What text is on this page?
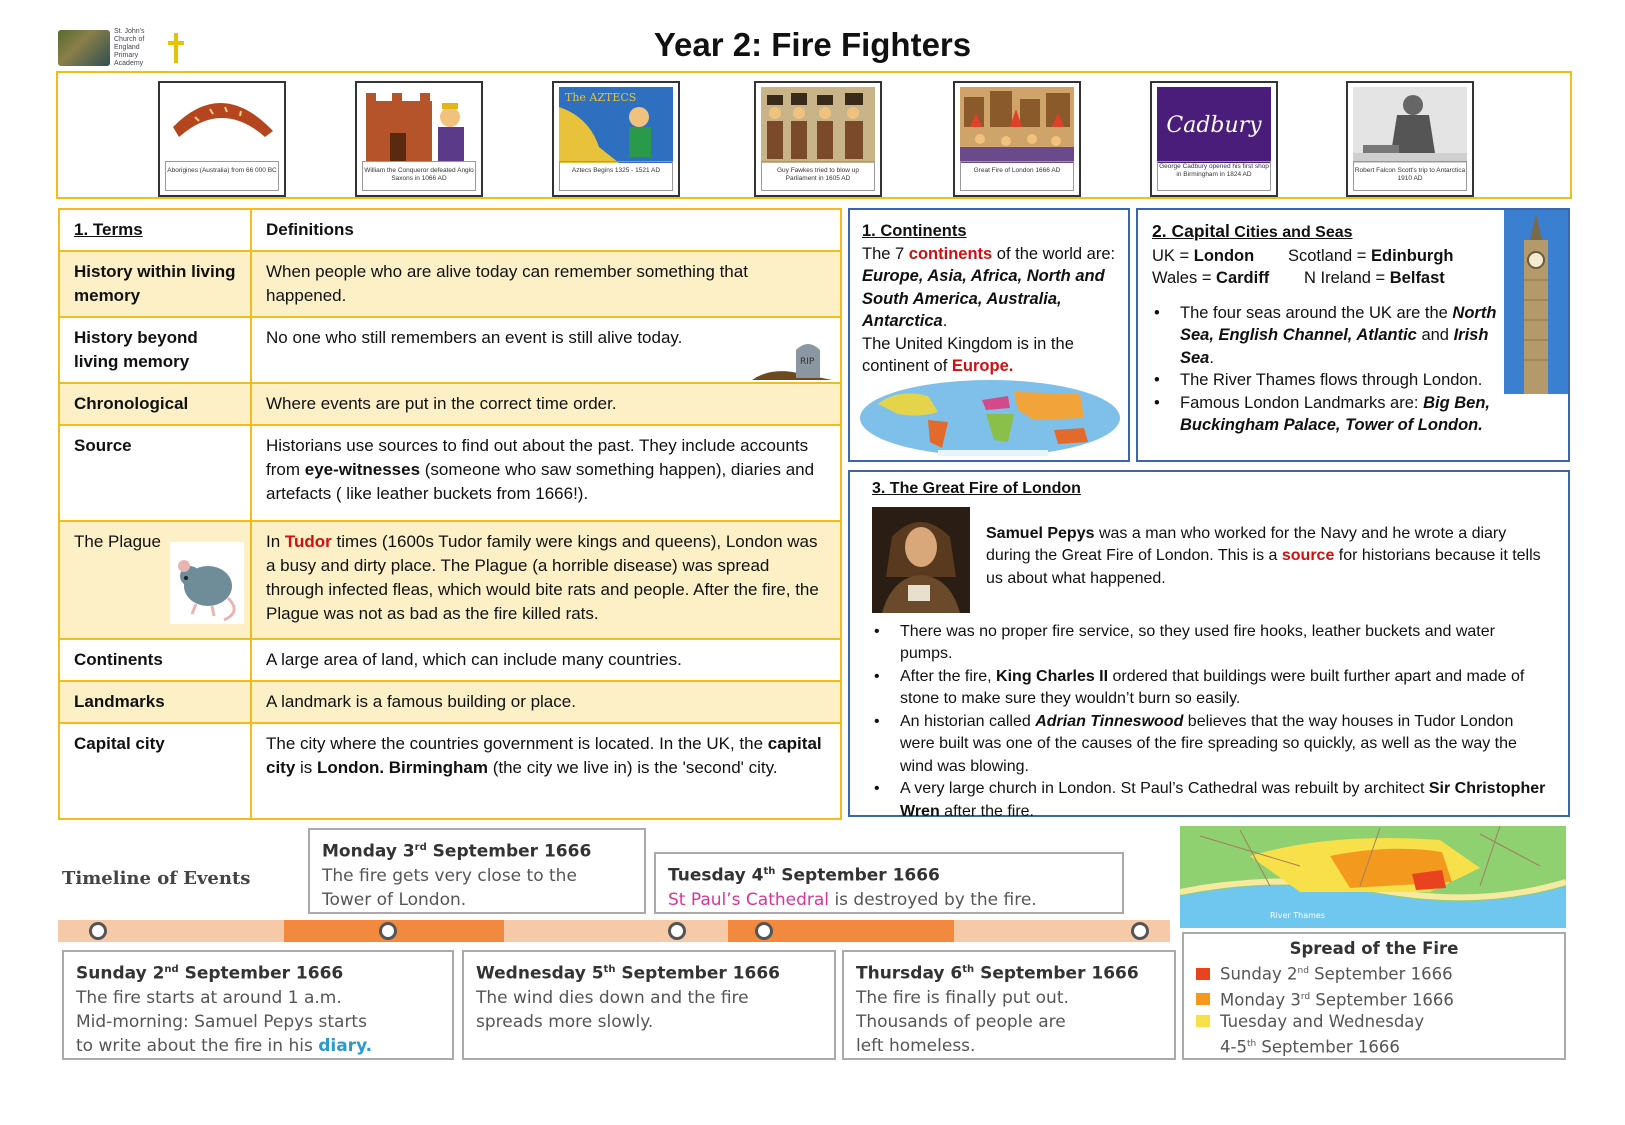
St. John's Church of England Primary Academy
Year 2: Fire Fighters
Aborigines (Australia) from 66 000 BC	William the Conqueror defeated Anglo Saxons in 1066 AD
The AZTECS
Aztecs Begins 1325 - 1521 AD	Guy Fawkes tried to blow up Parliament in 1605 AD
Great Fire of London 1666 AD
Cadbury
George Cadbury opened his first shop in Birmingham in 1824 AD
Robert Falcon Scott's trip to Antarctica 1910 AD
1. Terms	Definitions
History within living memory	When people who are alive today can remember something that happened.
History beyond living memory	No one who still remembers an event is still alive today.
RIP

Chronological	Where events are put in the correct time order.
Source	Historians use sources to find out about the past. They include accounts from eye-witnesses (someone who saw something happen), diaries and artefacts ( like leather buckets from 1666!).
The Plague	In Tudor times (1600s Tudor family were kings and queens), London was a busy and dirty place. The Plague (a horrible disease) was spread through infected fleas, which would bite rats and people. After the fire, the Plague was not as bad as the fire killed rats.
Continents	A large area of land, which can include many countries.
Landmarks	A landmark is a famous building or place.
Capital city	The city where the countries government is located. In the UK, the capital city is London. Birmingham (the city we live in) is the 'second' city.
1. Continents
The 7 continents of the world are: Europe, Asia, Africa, North and South America, Australia, Antarctica.
The United Kingdom is in the continent of Europe.
2. Capital Cities and Seas
UK = London	Scotland = Edinburgh
Wales = Cardiff	N Ireland = Belfast
• The four seas around the UK are the North Sea, English Channel, Atlantic and Irish Sea.
• The River Thames flows through London.
• Famous London Landmarks are: Big Ben, Buckingham Palace, Tower of London.
3. The Great Fire of London
Samuel Pepys was a man who worked for the Navy and he wrote a diary during the Great Fire of London. This is a source for historians because it tells us about what happened.
• There was no proper fire service, so they used fire hooks, leather buckets and water pumps.
• After the fire, King Charles II ordered that buildings were built further apart and made of stone to make sure they wouldn’t burn so easily.
• An historian called Adrian Tinneswood believes that the way houses in Tudor London were built was one of the causes of the fire spreading so quickly, as well as the way the wind was blowing.
• A very large church in London. St Paul’s Cathedral was rebuilt by architect Sir Christopher Wren after the fire.
Timeline of Events
Monday 3rd September 1666
The fire gets very close to the
Tower of London.
Tuesday 4th September 1666
St Paul’s Cathedral is destroyed by the fire.
Sunday 2nd September 1666
The fire starts at around 1 a.m.
Mid-morning: Samuel Pepys starts
to write about the fire in his diary.
Wednesday 5th September 1666
The wind dies down and the fire
spreads more slowly.
Thursday 6th September 1666
The fire is finally put out.
Thousands of people are
left homeless.
River Thames
Spread of the Fire
Sunday 2nd September 1666
Monday 3rd September 1666
Tuesday and Wednesday
4-5th September 1666
